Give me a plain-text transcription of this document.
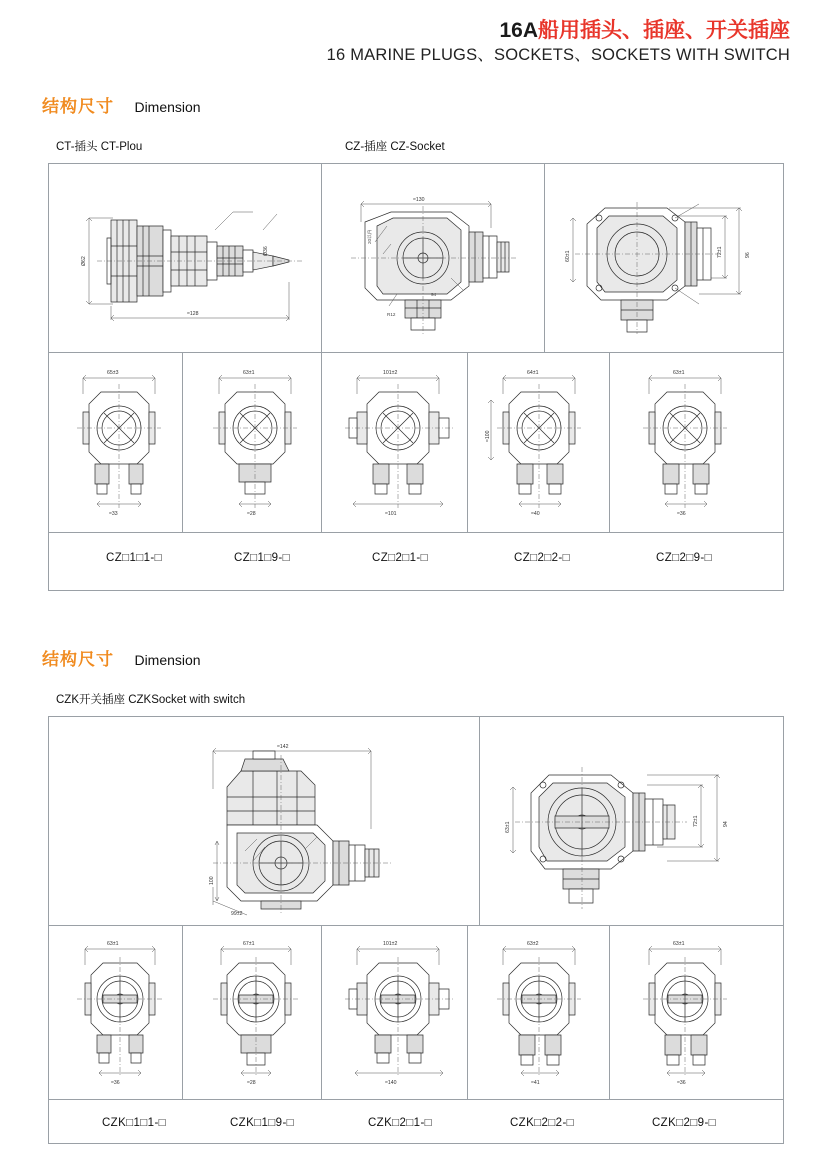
16A船用插头、插座、开关插座
16 MARINE PLUGS、SOCKETS、SOCKETS WITH SWITCH
结构尺寸 Dimension
CT-插头 CT-Plou	CZ-插座 CZ-Socket
Ø62
≈128
Ø36
≈130
20以内
R12
94
72±1	96
60±1
65±3
≈33
63±1
≈28
101±2
≈101
64±1
≈100
≈40
63±1
≈36
CZ□1□1-□	CZ□1□9-□	CZ□2□1-□	CZ□2□2-□	CZ□2□9-□
结构尺寸 Dimension
CZK开关插座 CZKSocket with switch
≈142
100
99±2
72±1	94
63±1
63±1
≈36
67±1
≈28
101±2
≈140
63±2
≈41
63±1
≈36
CZK□1□1-□	CZK□1□9-□	CZK□2□1-□	CZK□2□2-□	CZK□2□9-□
